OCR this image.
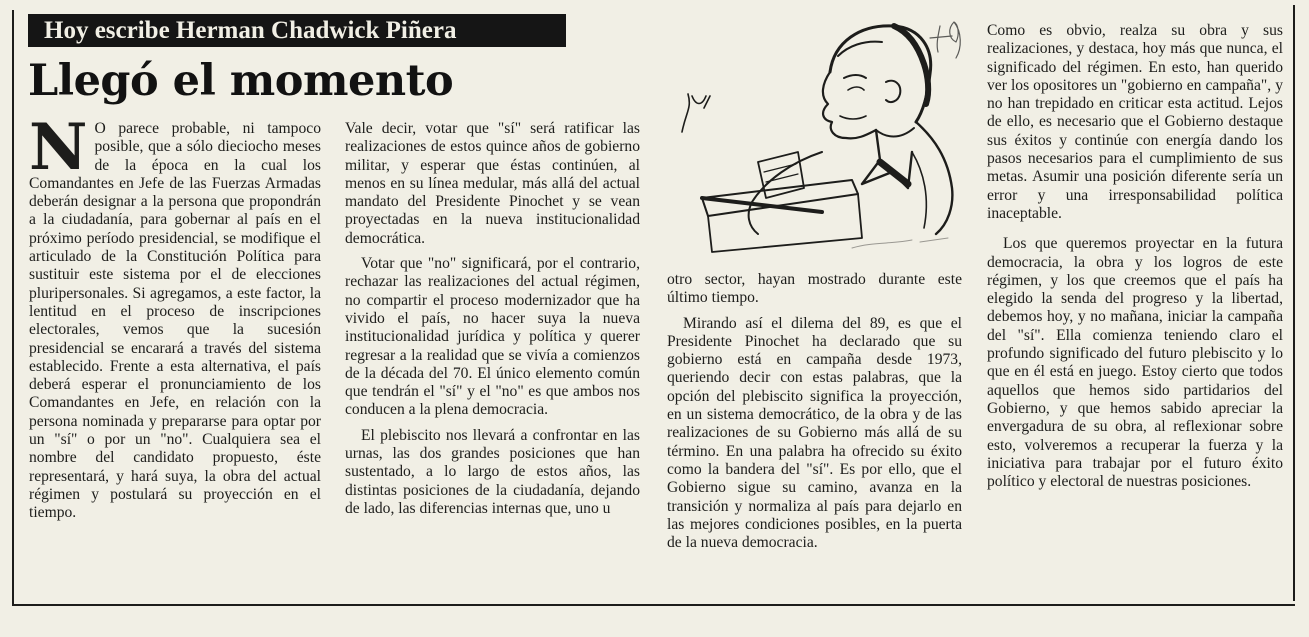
Hoy escribe Herman Chadwick Piñera
Llegó el momento

N O parece probable, ni tampoco posible, que a sólo dieciocho meses de la época en la cual los Comandantes en Jefe de las Fuerzas Armadas deberán designar a la persona que propondrán a la ciudadanía, para gobernar al país en el próximo período presidencial, se modifique el articulado de la Constitución Política para sustituir este sistema por el de elecciones pluripersonales. Si agregamos, a este factor, la lentitud en el proceso de inscripciones electorales, vemos que la sucesión presidencial se encarará a través del sistema establecido. Frente a esta alternativa, el país deberá esperar el pronunciamiento de los Comandantes en Jefe, en relación con la persona nominada y prepararse para optar por un "sí" o por un "no". Cualquiera sea el nombre del candidato propuesto, éste representará, y hará suya, la obra del actual régimen y postulará su proyección en el tiempo.

Vale decir, votar que "sí" será ratificar las realizaciones de estos quince años de gobierno militar, y esperar que éstas continúen, al menos en su línea medular, más allá del actual mandato del Presidente Pinochet y se vean proyectadas en la nueva institucionalidad democrática.

Votar que "no" significará, por el contrario, rechazar las realizaciones del actual régimen, no compartir el proceso modernizador que ha vivido el país, no hacer suya la nueva institucionalidad jurídica y política y querer regresar a la realidad que se vivía a comienzos de la década del 70. El único elemento común que tendrán el "sí" y el "no" es que ambos nos conducen a la plena democracia.

El plebiscito nos llevará a confrontar en las urnas, las dos grandes posiciones que han sustentado, a lo largo de estos años, las distintas posiciones de la ciudadanía, dejando de lado, las diferencias internas que, uno u

otro sector, hayan mostrado durante este último tiempo.

Mirando así el dilema del 89, es que el Presidente Pinochet ha declarado que su gobierno está en campaña desde 1973, queriendo decir con estas palabras, que la opción del plebiscito significa la proyección, en un sistema democrático, de la obra y de las realizaciones de su Gobierno más allá de su término. En una palabra ha ofrecido su éxito como la bandera del "sí". Es por ello, que el Gobierno sigue su camino, avanza en la transición y normaliza al país para dejarlo en las mejores condiciones posibles, en la puerta de la nueva democracia.

Como es obvio, realza su obra y sus realizaciones, y destaca, hoy más que nunca, el significado del régimen. En esto, han querido ver los opositores un "gobierno en campaña", y no han trepidado en criticar esta actitud. Lejos de ello, es necesario que el Gobierno destaque sus éxitos y continúe con energía dando los pasos necesarios para el cumplimiento de sus metas. Asumir una posición diferente sería un error y una irresponsabilidad política inaceptable.

Los que queremos proyectar en la futura democracia, la obra y los logros de este régimen, y los que creemos que el país ha elegido la senda del progreso y la libertad, debemos hoy, y no mañana, iniciar la campaña del "sí". Ella comienza teniendo claro el profundo significado del futuro plebiscito y lo que en él está en juego. Estoy cierto que todos aquellos que hemos sido partidarios del Gobierno, y que hemos sabido apreciar la envergadura de su obra, al reflexionar sobre esto, volveremos a recuperar la fuerza y la iniciativa para trabajar por el futuro éxito político y electoral de nuestras posiciones.
